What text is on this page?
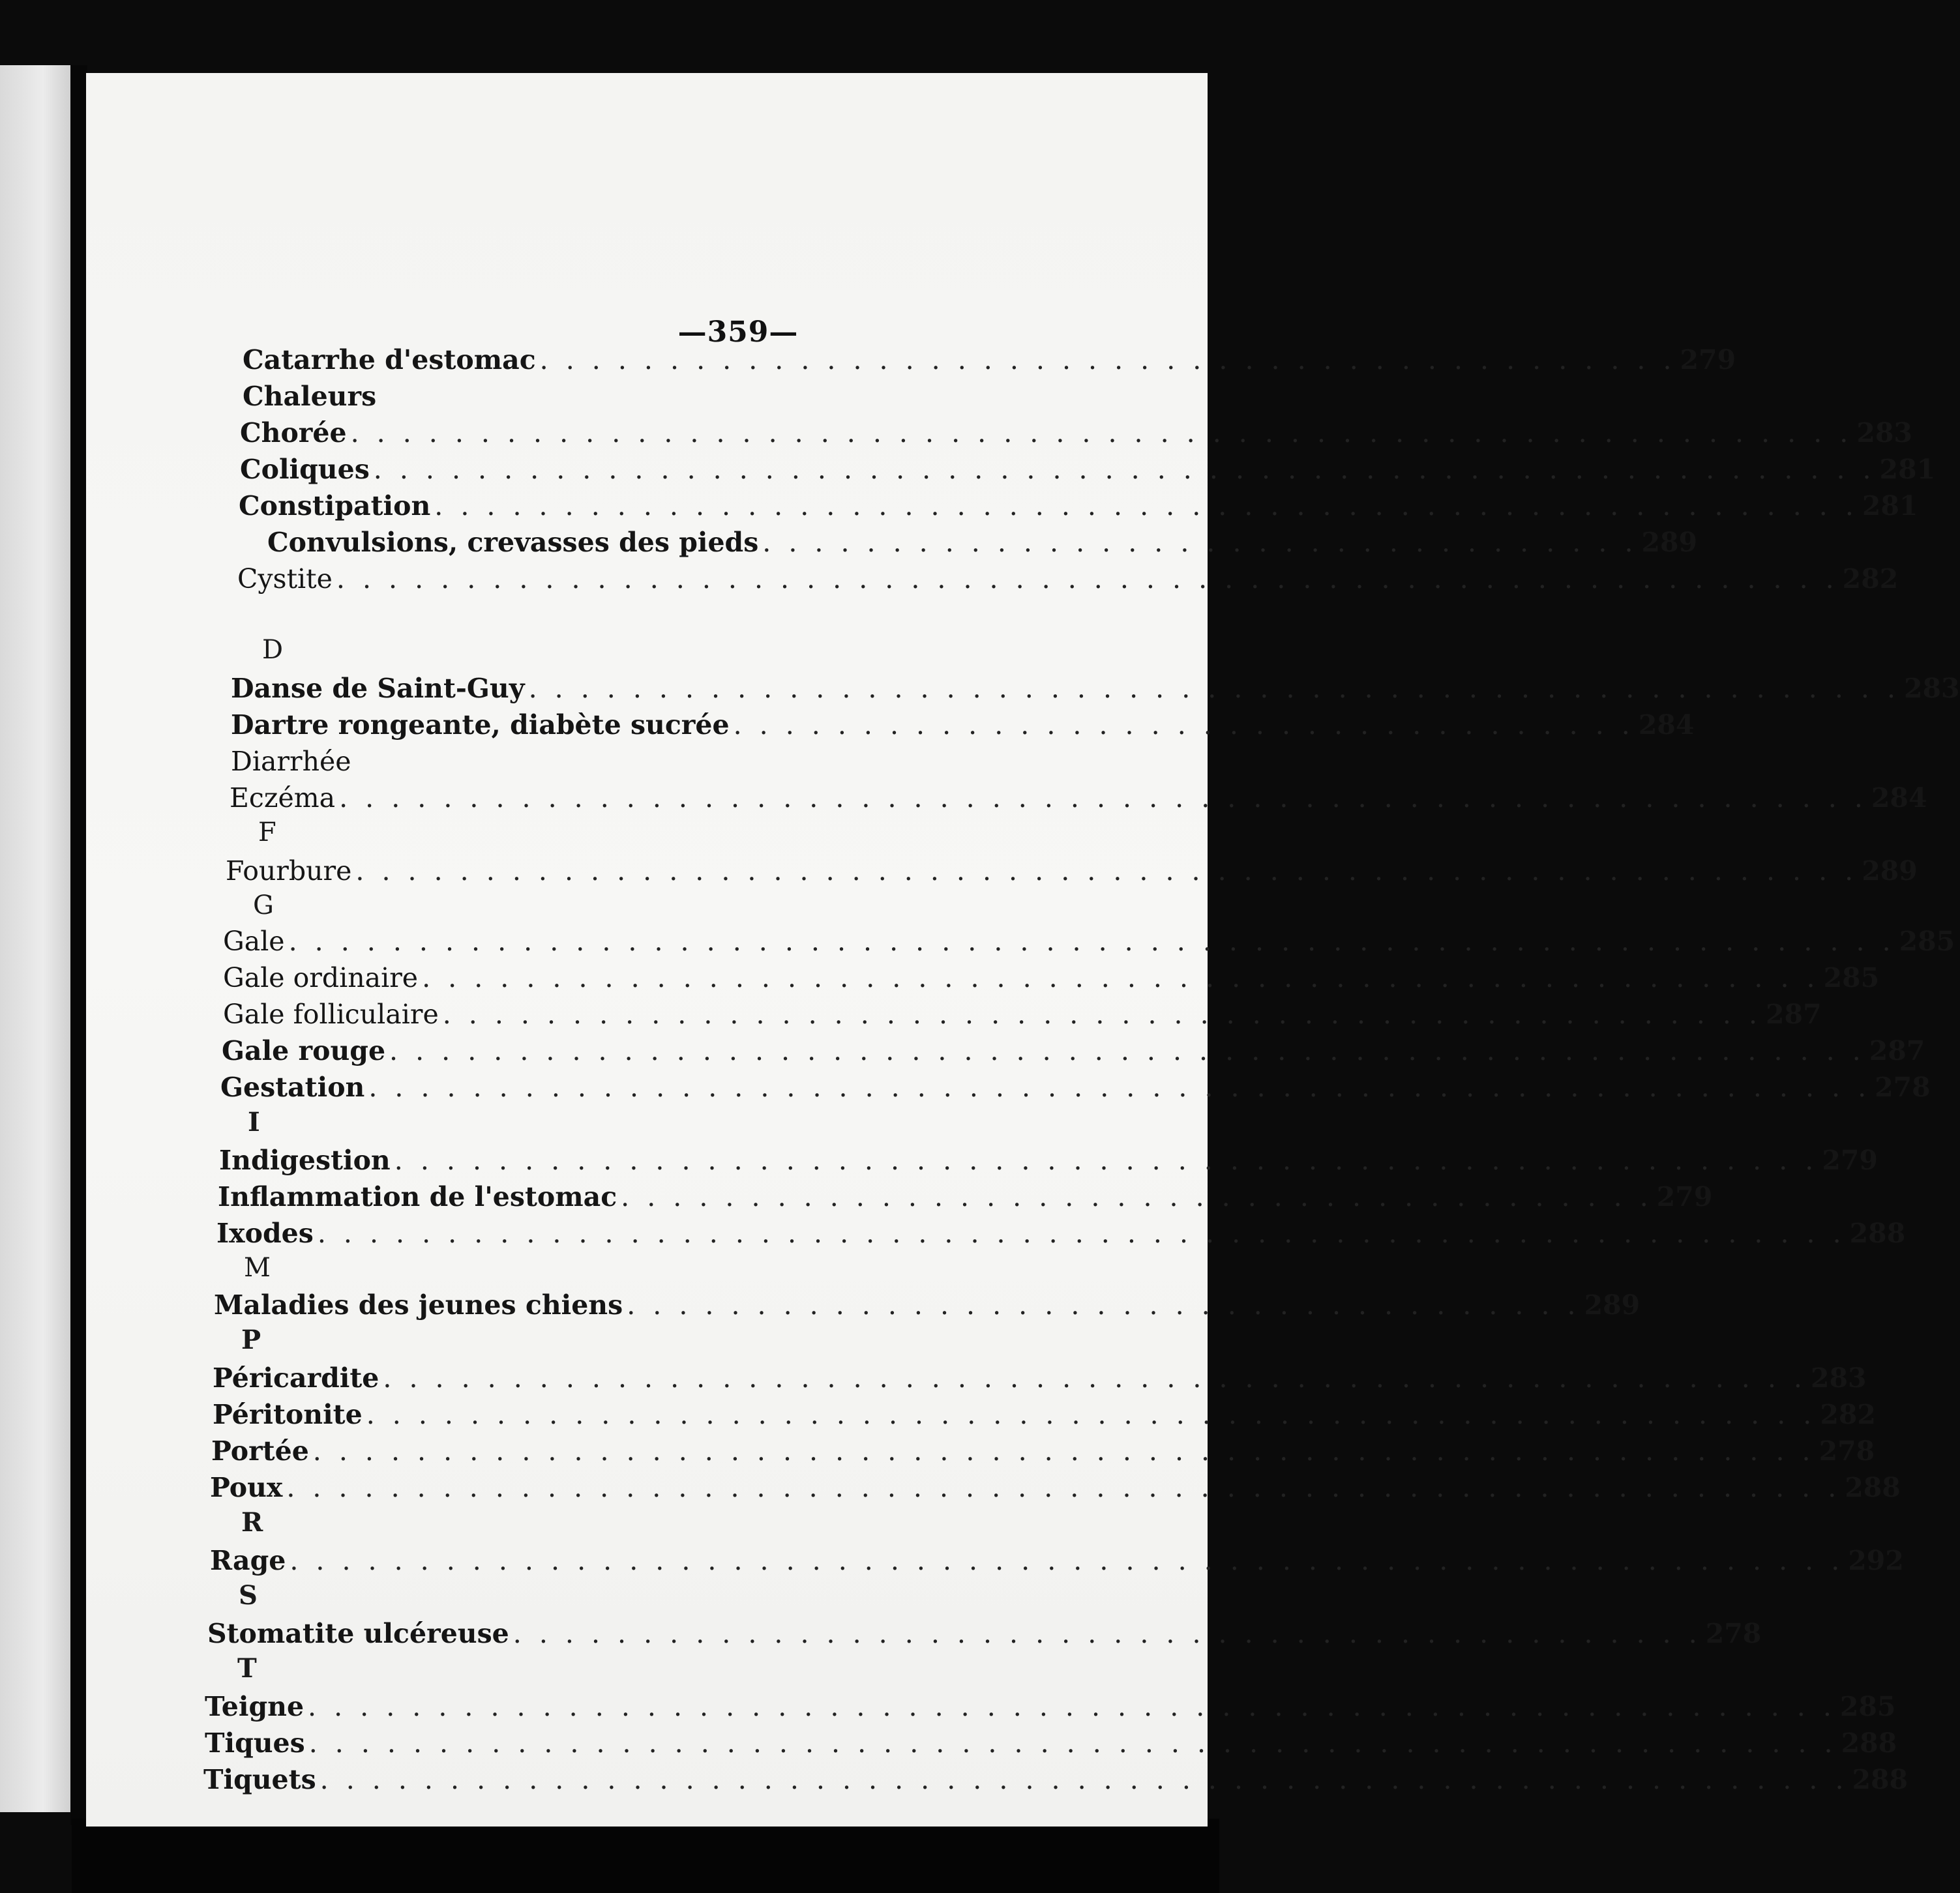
—359—
Catarrhe d'estomac . . . . . . . . . . . . . . . . . . . . . . . . . . . . . . . . . . . . . . . . . . . . 279
Chaleurs
Chorée . . . . . . . . . . . . . . . . . . . . . . . . . . . . . . . . . . . . . . . . . . . . . . . . . . . . . . . . . . 283
Coliques . . . . . . . . . . . . . . . . . . . . . . . . . . . . . . . . . . . . . . . . . . . . . . . . . . . . . . . . . . 281
Constipation . . . . . . . . . . . . . . . . . . . . . . . . . . . . . . . . . . . . . . . . . . . . . . . . . . . . . . . 281
Convulsions, crevasses des pieds . . . . . . . . . . . . . . . . . . . . . . . . . . . . . . . . . . 289
Cystite . . . . . . . . . . . . . . . . . . . . . . . . . . . . . . . . . . . . . . . . . . . . . . . . . . . . . . . . . . 282
D
Danse de Saint-Guy . . . . . . . . . . . . . . . . . . . . . . . . . . . . . . . . . . . . . . . . . . . . . . . . . . . . . 283
Dartre rongeante, diabète sucrée . . . . . . . . . . . . . . . . . . . . . . . . . . . . . . . . . . . 284
Diarrhée
Eczéma . . . . . . . . . . . . . . . . . . . . . . . . . . . . . . . . . . . . . . . . . . . . . . . . . . . . . . . . . . . 284
F
Fourbure . . . . . . . . . . . . . . . . . . . . . . . . . . . . . . . . . . . . . . . . . . . . . . . . . . . . . . . . . . 289
G
Gale . . . . . . . . . . . . . . . . . . . . . . . . . . . . . . . . . . . . . . . . . . . . . . . . . . . . . . . . . . . . . . 285
Gale ordinaire . . . . . . . . . . . . . . . . . . . . . . . . . . . . . . . . . . . . . . . . . . . . . . . . . . . . . . 285
Gale folliculaire . . . . . . . . . . . . . . . . . . . . . . . . . . . . . . . . . . . . . . . . . . . . . . . . . . . 287
Gale rouge . . . . . . . . . . . . . . . . . . . . . . . . . . . . . . . . . . . . . . . . . . . . . . . . . . . . . . . . . 287
Gestation . . . . . . . . . . . . . . . . . . . . . . . . . . . . . . . . . . . . . . . . . . . . . . . . . . . . . . . . . . 278
I
Indigestion . . . . . . . . . . . . . . . . . . . . . . . . . . . . . . . . . . . . . . . . . . . . . . . . . . . . . . . 279
Inflammation de l'estomac . . . . . . . . . . . . . . . . . . . . . . . . . . . . . . . . . . . . . . . . 279
Ixodes . . . . . . . . . . . . . . . . . . . . . . . . . . . . . . . . . . . . . . . . . . . . . . . . . . . . . . . . . . . 288
M
Maladies des jeunes chiens . . . . . . . . . . . . . . . . . . . . . . . . . . . . . . . . . . . . . 289
P
Péricardite . . . . . . . . . . . . . . . . . . . . . . . . . . . . . . . . . . . . . . . . . . . . . . . . . . . . . . . 283
Péritonite . . . . . . . . . . . . . . . . . . . . . . . . . . . . . . . . . . . . . . . . . . . . . . . . . . . . . . . . 282
Portée . . . . . . . . . . . . . . . . . . . . . . . . . . . . . . . . . . . . . . . . . . . . . . . . . . . . . . . . . . 278
Poux . . . . . . . . . . . . . . . . . . . . . . . . . . . . . . . . . . . . . . . . . . . . . . . . . . . . . . . . . . . . 288
R
Rage . . . . . . . . . . . . . . . . . . . . . . . . . . . . . . . . . . . . . . . . . . . . . . . . . . . . . . . . . . . . 292
S
Stomatite ulcéreuse . . . . . . . . . . . . . . . . . . . . . . . . . . . . . . . . . . . . . . . . . . . . . . 278
T
Teigne . . . . . . . . . . . . . . . . . . . . . . . . . . . . . . . . . . . . . . . . . . . . . . . . . . . . . . . . . . . 285
Tiques . . . . . . . . . . . . . . . . . . . . . . . . . . . . . . . . . . . . . . . . . . . . . . . . . . . . . . . . . . . 288
Tiquets . . . . . . . . . . . . . . . . . . . . . . . . . . . . . . . . . . . . . . . . . . . . . . . . . . . . . . . . . . . 288
